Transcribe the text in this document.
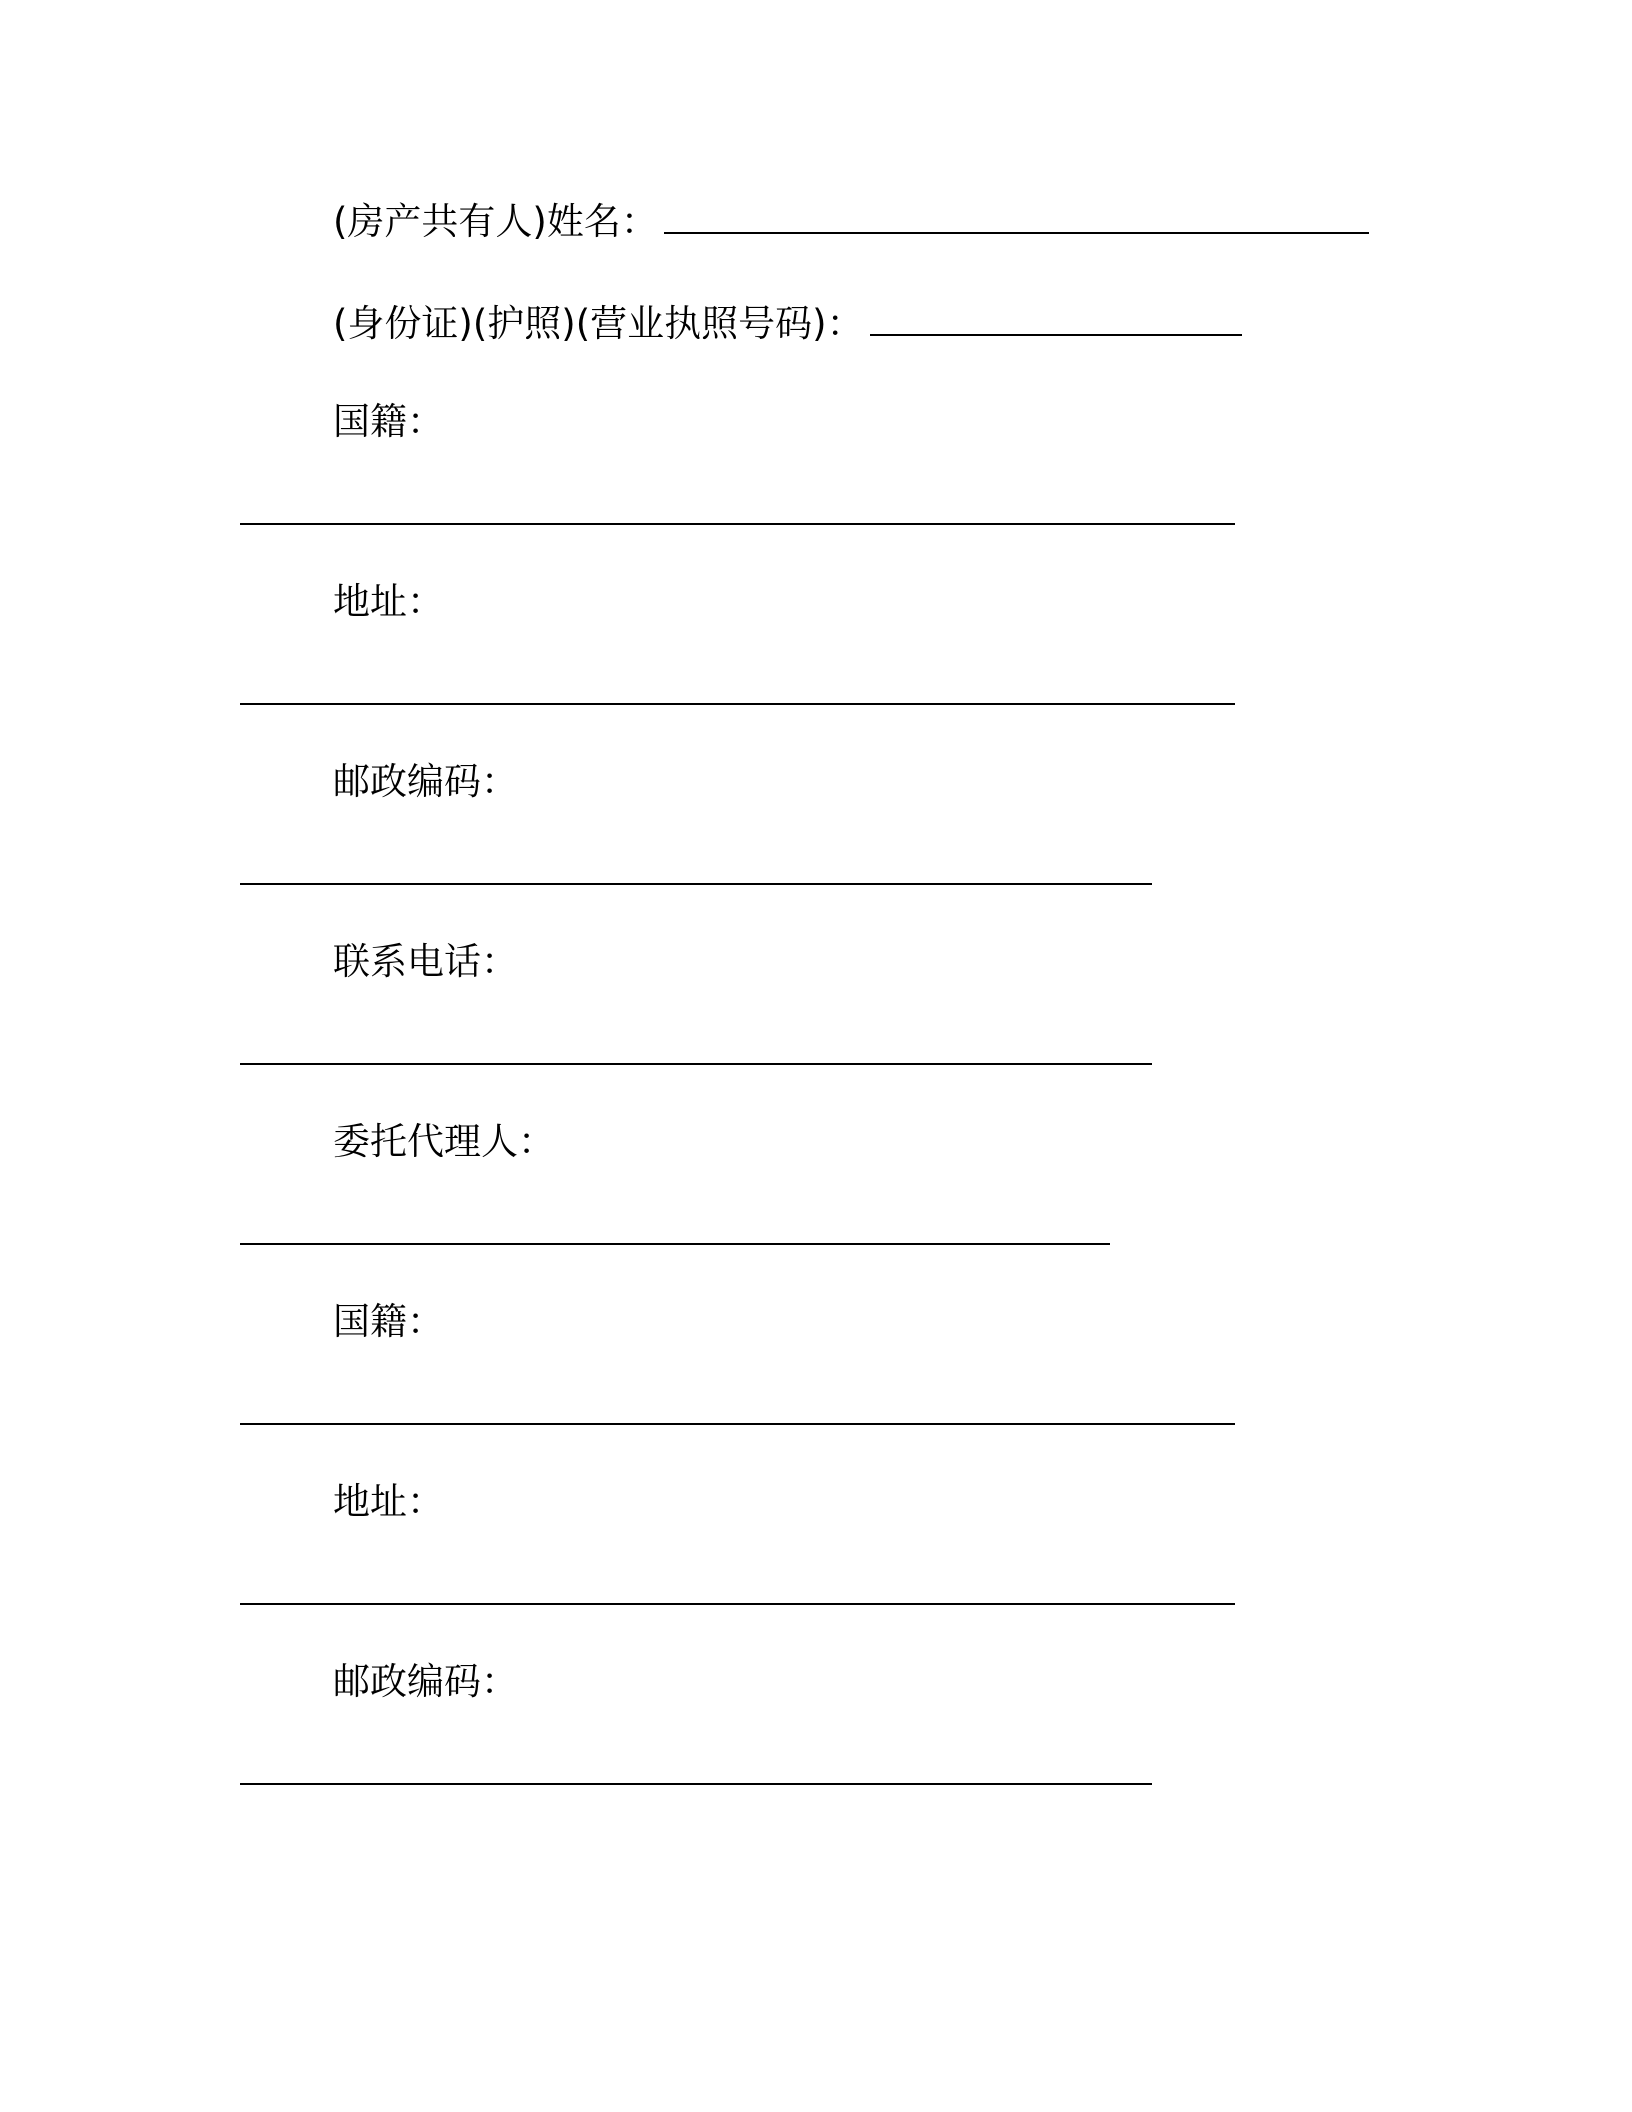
(房产共有人)姓名：
(身份证)(护照)(营业执照号码)：
国籍：
地址：
邮政编码：
联系电话：
委托代理人：
国籍：
地址：
邮政编码：
